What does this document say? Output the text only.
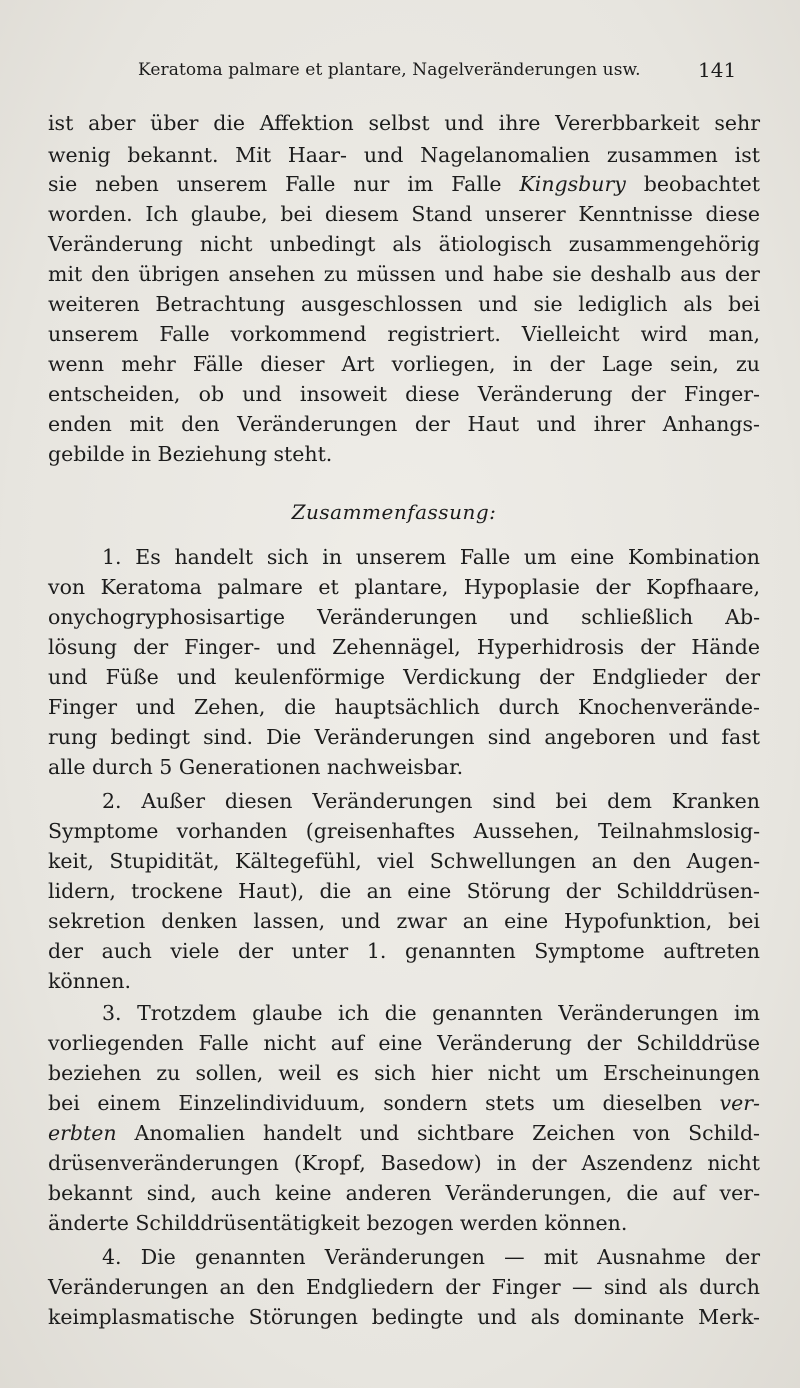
Keratoma palmare et plantare, Nagelveränderungen usw.	141
ist aber über die Affektion selbst und ihre Vererbbarkeit sehr
wenig bekannt. Mit Haar- und Nagelanomalien zusammen ist
sie neben unserem Falle nur im Falle Kingsbury beobachtet
worden. Ich glaube, bei diesem Stand unserer Kenntnisse diese
Veränderung nicht unbedingt als ätiologisch zusammengehörig
mit den übrigen ansehen zu müssen und habe sie deshalb aus der
weiteren Betrachtung ausgeschlossen und sie lediglich als bei
unserem Falle vorkommend registriert. Vielleicht wird man,
wenn mehr Fälle dieser Art vorliegen, in der Lage sein, zu
entscheiden, ob und insoweit diese Veränderung der Finger-
enden mit den Veränderungen der Haut und ihrer Anhangs-
gebilde in Beziehung steht.
Zusammenfassung:
1. Es handelt sich in unserem Falle um eine Kombination
von Keratoma palmare et plantare, Hypoplasie der Kopfhaare,
onychogryphosisartige Veränderungen und schließlich Ab-
lösung der Finger- und Zehennägel, Hyperhidrosis der Hände
und Füße und keulenförmige Verdickung der Endglieder der
Finger und Zehen, die hauptsächlich durch Knochenverände-
rung bedingt sind. Die Veränderungen sind angeboren und fast
alle durch 5 Generationen nachweisbar.
2. Außer diesen Veränderungen sind bei dem Kranken
Symptome vorhanden (greisenhaftes Aussehen, Teilnahmslosig-
keit, Stupidität, Kältegefühl, viel Schwellungen an den Augen-
lidern, trockene Haut), die an eine Störung der Schilddrüsen-
sekretion denken lassen, und zwar an eine Hypofunktion, bei
der auch viele der unter 1. genannten Symptome auftreten
können.
3. Trotzdem glaube ich die genannten Veränderungen im
vorliegenden Falle nicht auf eine Veränderung der Schilddrüse
beziehen zu sollen, weil es sich hier nicht um Erscheinungen
bei einem Einzelindividuum, sondern stets um dieselben ver-
erbten Anomalien handelt und sichtbare Zeichen von Schild-
drüsenveränderungen (Kropf, Basedow) in der Aszendenz nicht
bekannt sind, auch keine anderen Veränderungen, die auf ver-
änderte Schilddrüsentätigkeit bezogen werden können.
4. Die genannten Veränderungen — mit Ausnahme der
Veränderungen an den Endgliedern der Finger — sind als durch
keimplasmatische Störungen bedingte und als dominante Merk-
